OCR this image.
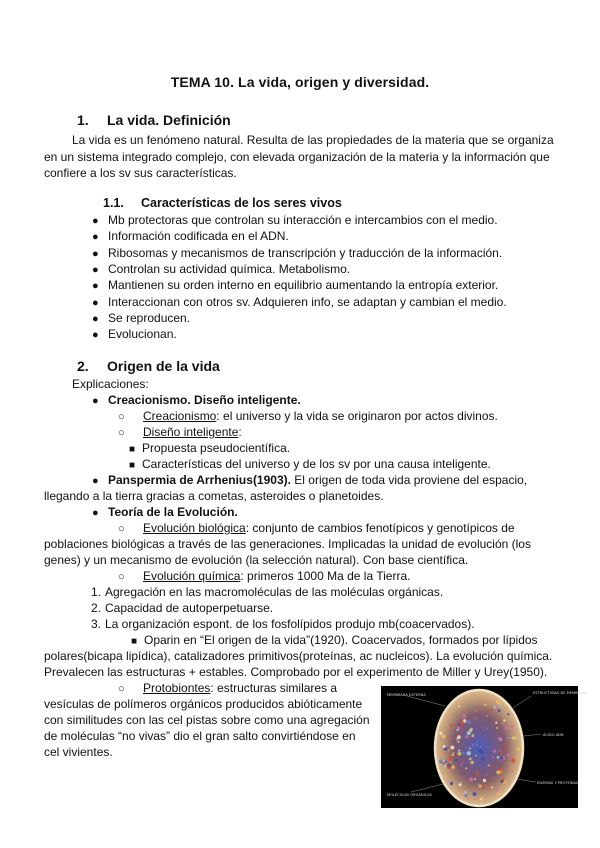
TEMA 10. La vida, origen y diversidad.
1. La vida. Definición
La vida es un fenómeno natural. Resulta de las propiedades de la materia que se organiza en un sistema integrado complejo, con elevada organización de la materia y la información que confiere a los sv sus características.
1.1. Características de los seres vivos
● Mb protectoras que controlan su interacción e intercambios con el medio.
● Información codificada en el ADN.
● Ribosomas y mecanismos de transcripción y traducción de la información.
● Controlan su actividad química. Metabolismo.
● Mantienen su orden interno en equilibrio aumentando la entropía exterior.
● Interaccionan con otros sv. Adquieren info, se adaptan y cambian el medio.
● Se reproducen.
● Evolucionan.
2. Origen de la vida
Explicaciones:
● Creacionismo. Diseño inteligente.
○ Creacionismo: el universo y la vida se originaron por actos divinos.
○ Diseño inteligente:
■ Propuesta pseudocientífica.
■ Características del universo y de los sv por una causa inteligente.
● Panspermia de Arrhenius(1903). El origen de toda vida proviene del espacio,
llegando a la tierra gracias a cometas, asteroides o planetoides.
● Teoría de la Evolución.
○ Evolución biológica: conjunto de cambios fenotípicos y genotípicos de
poblaciones biológicas a través de las generaciones. Implicadas la unidad de evolución (los
genes) y un mecanismo de evolución (la selección natural). Con base científica.
○ Evolución química: primeros 1000 Ma de la Tierra.
1. Agregación en las macromoléculas de las moléculas orgánicas.
2. Capacidad de autoperpetuarse.
3. La organización espont. de los fosfolípidos produjo mb(coacervados).
■ Oparin en “El origen de la vida”(1920). Coacervados, formados por lípidos
polares(bicapa lipídica), catalizadores primitivos(proteínas, ac nucleicos). La evolución química.
Prevalecen las estructuras + estables. Comprobado por el experimento de Miller y Urey(1950).
○ Protobiontes: estructuras similares a
vesículas de polímeros orgánicos producidos abióticamente
con similitudes con las cel pistas sobre como una agregación
de moléculas “no vivas” dio el gran salto convirtiéndose en
cel vivientes.
MEMBRANA EXTERNA	ESTRUCTURAS DE MEMBRANA
ÁCIDO ADN
MOLÉCULAS ORGÁNICAS
ENZIMAS Y PROTEÍNAS
